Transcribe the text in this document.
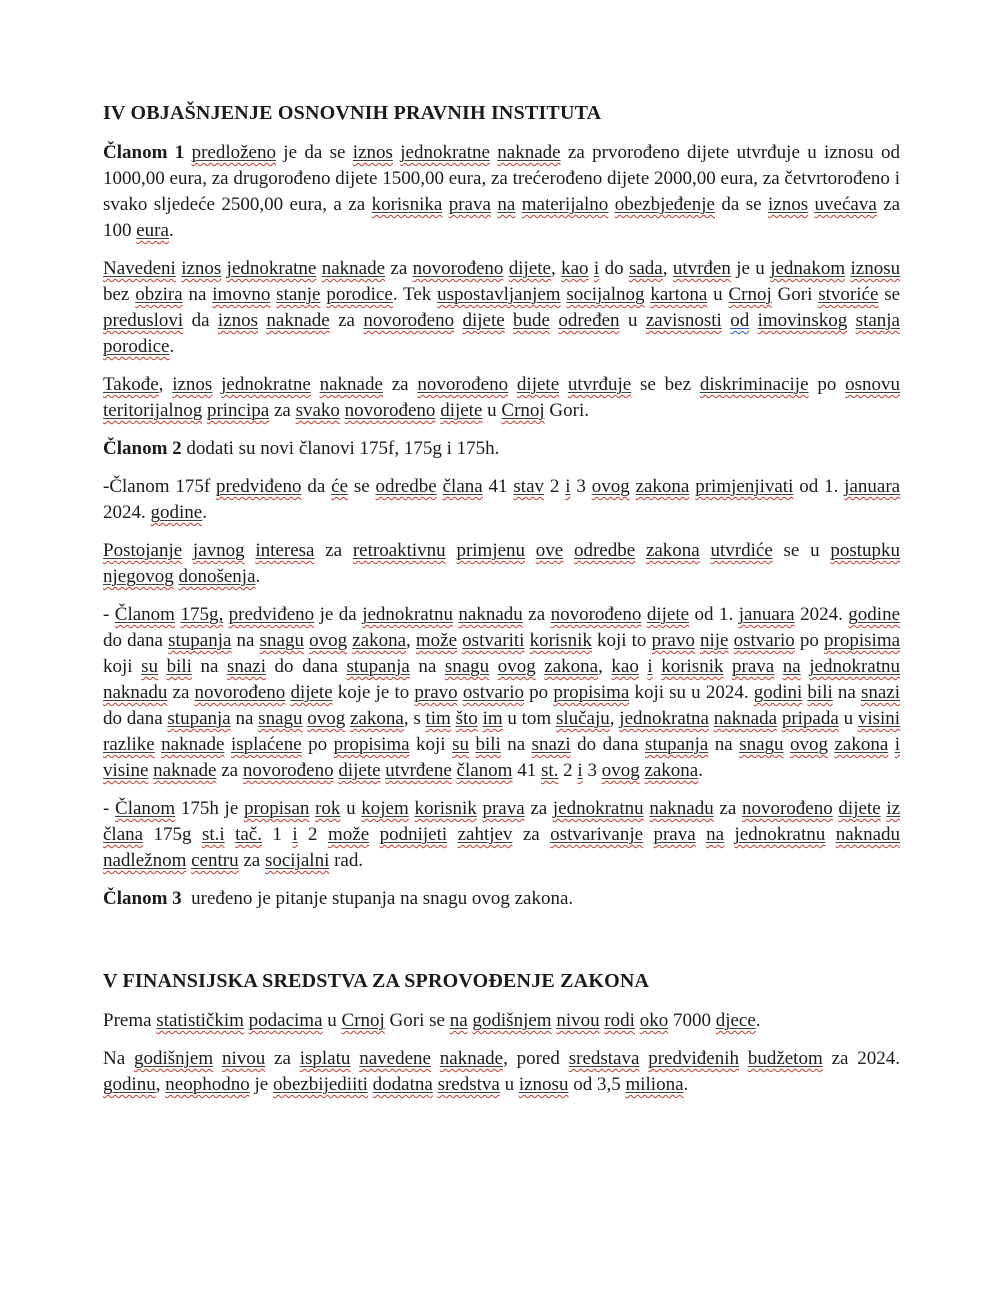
IV OBJAŠNJENJE OSNOVNIH PRAVNIH INSTITUTA

Članom 1 predloženo je da se iznos jednokratne naknade za prvorođeno dijete utvrđuje u iznosu od 1000,00 eura, za drugorođeno dijete 1500,00 eura, za trećerođeno dijete 2000,00 eura, za četvrtorođeno i svako sljedeće 2500,00 eura, a za korisnika prava na materijalno obezbjeđenje da se iznos uvećava za 100 eura.

Navedeni iznos jednokratne naknade za novorođeno dijete, kao i do sada, utvrđen je u jednakom iznosu bez obzira na imovno stanje porodice. Tek uspostavljanjem socijalnog kartona u Crnoj Gori stvoriće se preduslovi da iznos naknade za novorođeno dijete bude određen u zavisnosti od imovinskog stanja porodice.

Takođe, iznos jednokratne naknade za novorođeno dijete utvrđuje se bez diskriminacije po osnovu teritorijalnog principa za svako novorođeno dijete u Crnoj Gori.

Članom 2 dodati su novi članovi 175f, 175g i 175h.

-Članom 175f predviđeno da će se odredbe člana 41 stav 2 i 3 ovog zakona primjenjivati od 1. januara 2024. godine.

Postojanje javnog interesa za retroaktivnu primjenu ove odredbe zakona utvrdiće se u postupku njegovog donošenja.

- Članom 175g, predviđeno je da jednokratnu naknadu za novorođeno dijete od 1. januara 2024. godine do dana stupanja na snagu ovog zakona, može ostvariti korisnik koji to pravo nije ostvario po propisima koji su bili na snazi do dana stupanja na snagu ovog zakona, kao i korisnik prava na jednokratnu naknadu za novorođeno dijete koje je to pravo ostvario po propisima koji su u 2024. godini bili na snazi do dana stupanja na snagu ovog zakona, s tim što im u tom slučaju, jednokratna naknada pripada u visini razlike naknade isplaćene po propisima koji su bili na snazi do dana stupanja na snagu ovog zakona i visine naknade za novorođeno dijete utvrđene članom 41 st. 2 i 3 ovog zakona.

- Članom 175h je propisan rok u kojem korisnik prava za jednokratnu naknadu za novorođeno dijete iz člana 175g st.i tač. 1 i 2 može podnijeti zahtjev za ostvarivanje prava na jednokratnu naknadu nadležnom centru za socijalni rad.

Članom 3  uređeno je pitanje stupanja na snagu ovog zakona.

V FINANSIJSKA SREDSTVA ZA SPROVOĐENJE ZAKONA

Prema statističkim podacima u Crnoj Gori se na godišnjem nivou rodi oko 7000 djece.

Na godišnjem nivou za isplatu navedene naknade, pored sredstava predviđenih budžetom za 2024. godinu, neophodno je obezbijediiti dodatna sredstva u iznosu od 3,5 miliona.
